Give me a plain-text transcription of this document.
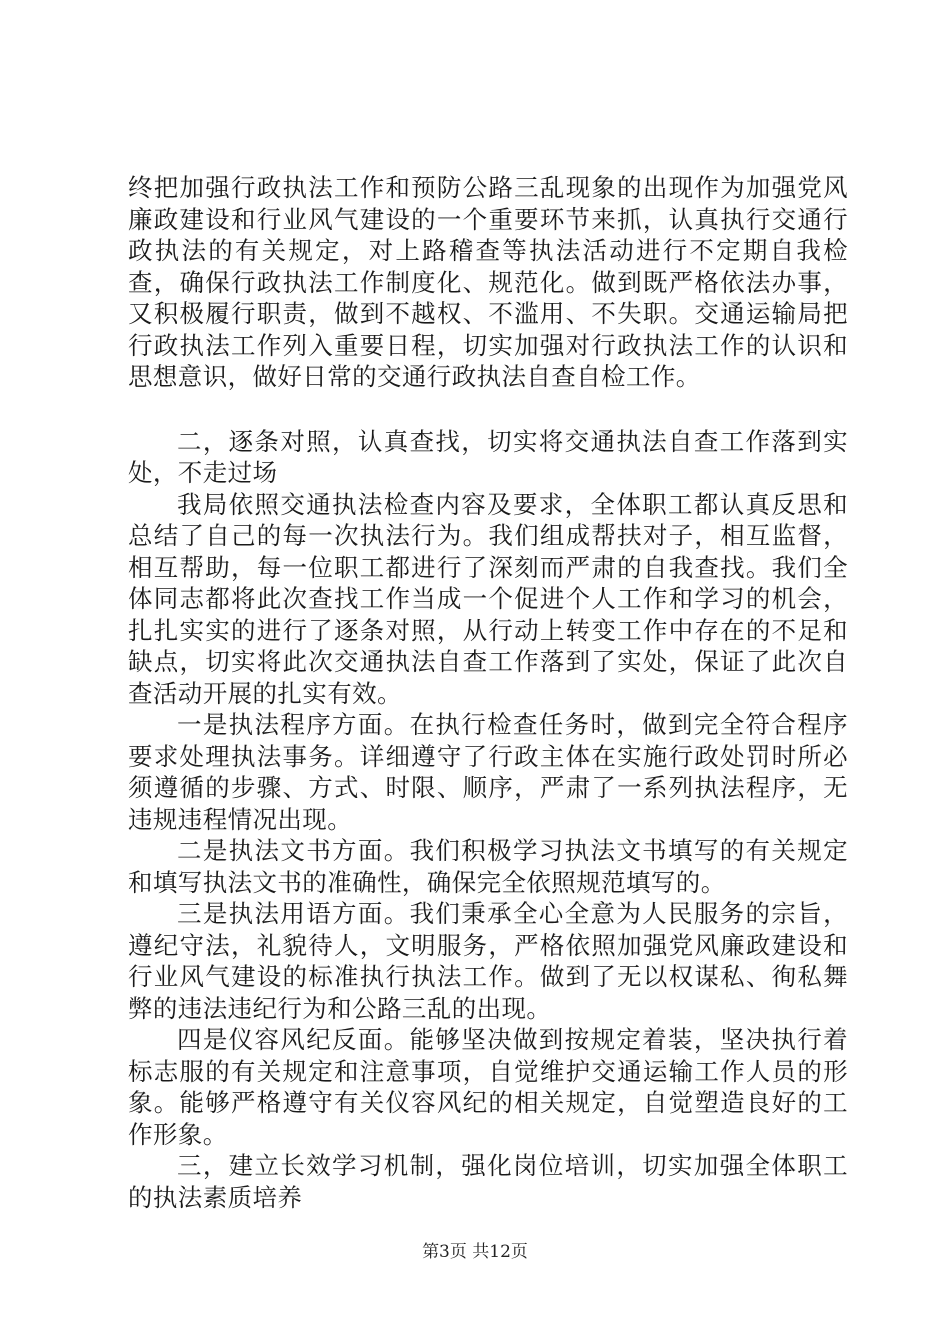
终把加强行政执法工作和预防公路三乱现象的出现作为加强党风廉政建设和行业风气建设的一个重要环节来抓，认真执行交通行政执法的有关规定，对上路稽查等执法活动进行不定期自我检查，确保行政执法工作制度化、规范化。做到既严格依法办事，又积极履行职责，做到不越权、不滥用、不失职。交通运输局把行政执法工作列入重要日程，切实加强对行政执法工作的认识和思想意识，做好日常的交通行政执法自查自检工作。

二，逐条对照，认真查找，切实将交通执法自查工作落到实处，不走过场

我局依照交通执法检查内容及要求，全体职工都认真反思和总结了自己的每一次执法行为。我们组成帮扶对子，相互监督，相互帮助，每一位职工都进行了深刻而严肃的自我查找。我们全体同志都将此次查找工作当成一个促进个人工作和学习的机会，扎扎实实的进行了逐条对照，从行动上转变工作中存在的不足和缺点，切实将此次交通执法自查工作落到了实处，保证了此次自查活动开展的扎实有效。

一是执法程序方面。在执行检查任务时，做到完全符合程序要求处理执法事务。详细遵守了行政主体在实施行政处罚时所必须遵循的步骤、方式、时限、顺序，严肃了一系列执法程序，无违规违程情况出现。

二是执法文书方面。我们积极学习执法文书填写的有关规定和填写执法文书的准确性，确保完全依照规范填写的。

三是执法用语方面。我们秉承全心全意为人民服务的宗旨，遵纪守法，礼貌待人，文明服务，严格依照加强党风廉政建设和行业风气建设的标准执行执法工作。做到了无以权谋私、徇私舞弊的违法违纪行为和公路三乱的出现。

四是仪容风纪反面。能够坚决做到按规定着装，坚决执行着标志服的有关规定和注意事项，自觉维护交通运输工作人员的形象。能够严格遵守有关仪容风纪的相关规定，自觉塑造良好的工作形象。

三，建立长效学习机制，强化岗位培训，切实加强全体职工的执法素质培养

第3页 共12页
